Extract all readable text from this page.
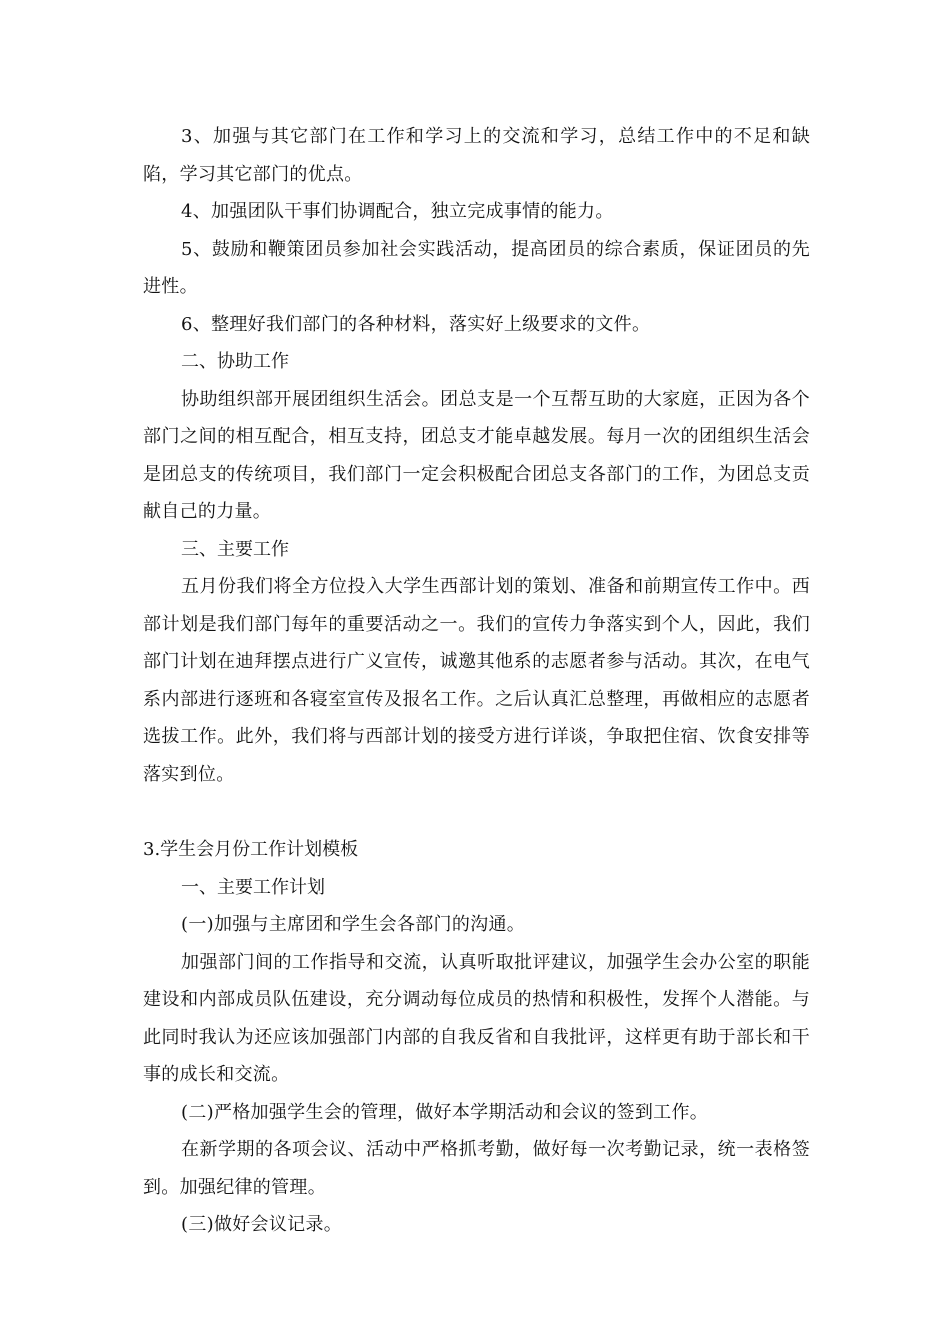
3、加强与其它部门在工作和学习上的交流和学习，总结工作中的不足和缺陷，学习其它部门的优点。

4、加强团队干事们协调配合，独立完成事情的能力。

5、鼓励和鞭策团员参加社会实践活动，提高团员的综合素质，保证团员的先进性。

6、整理好我们部门的各种材料，落实好上级要求的文件。

二、协助工作

协助组织部开展团组织生活会。团总支是一个互帮互助的大家庭，正因为各个部门之间的相互配合，相互支持，团总支才能卓越发展。每月一次的团组织生活会是团总支的传统项目，我们部门一定会积极配合团总支各部门的工作，为团总支贡献自己的力量。

三、主要工作

五月份我们将全方位投入大学生西部计划的策划、准备和前期宣传工作中。西部计划是我们部门每年的重要活动之一。我们的宣传力争落实到个人，因此，我们部门计划在迪拜摆点进行广义宣传，诚邀其他系的志愿者参与活动。其次，在电气系内部进行逐班和各寝室宣传及报名工作。之后认真汇总整理，再做相应的志愿者选拔工作。此外，我们将与西部计划的接受方进行详谈，争取把住宿、饮食安排等落实到位。

3.学生会月份工作计划模板

一、主要工作计划

(一)加强与主席团和学生会各部门的沟通。

加强部门间的工作指导和交流，认真听取批评建议，加强学生会办公室的职能建设和内部成员队伍建设，充分调动每位成员的热情和积极性，发挥个人潜能。与此同时我认为还应该加强部门内部的自我反省和自我批评，这样更有助于部长和干事的成长和交流。

(二)严格加强学生会的管理，做好本学期活动和会议的签到工作。

在新学期的各项会议、活动中严格抓考勤，做好每一次考勤记录，统一表格签到。加强纪律的管理。

(三)做好会议记录。
